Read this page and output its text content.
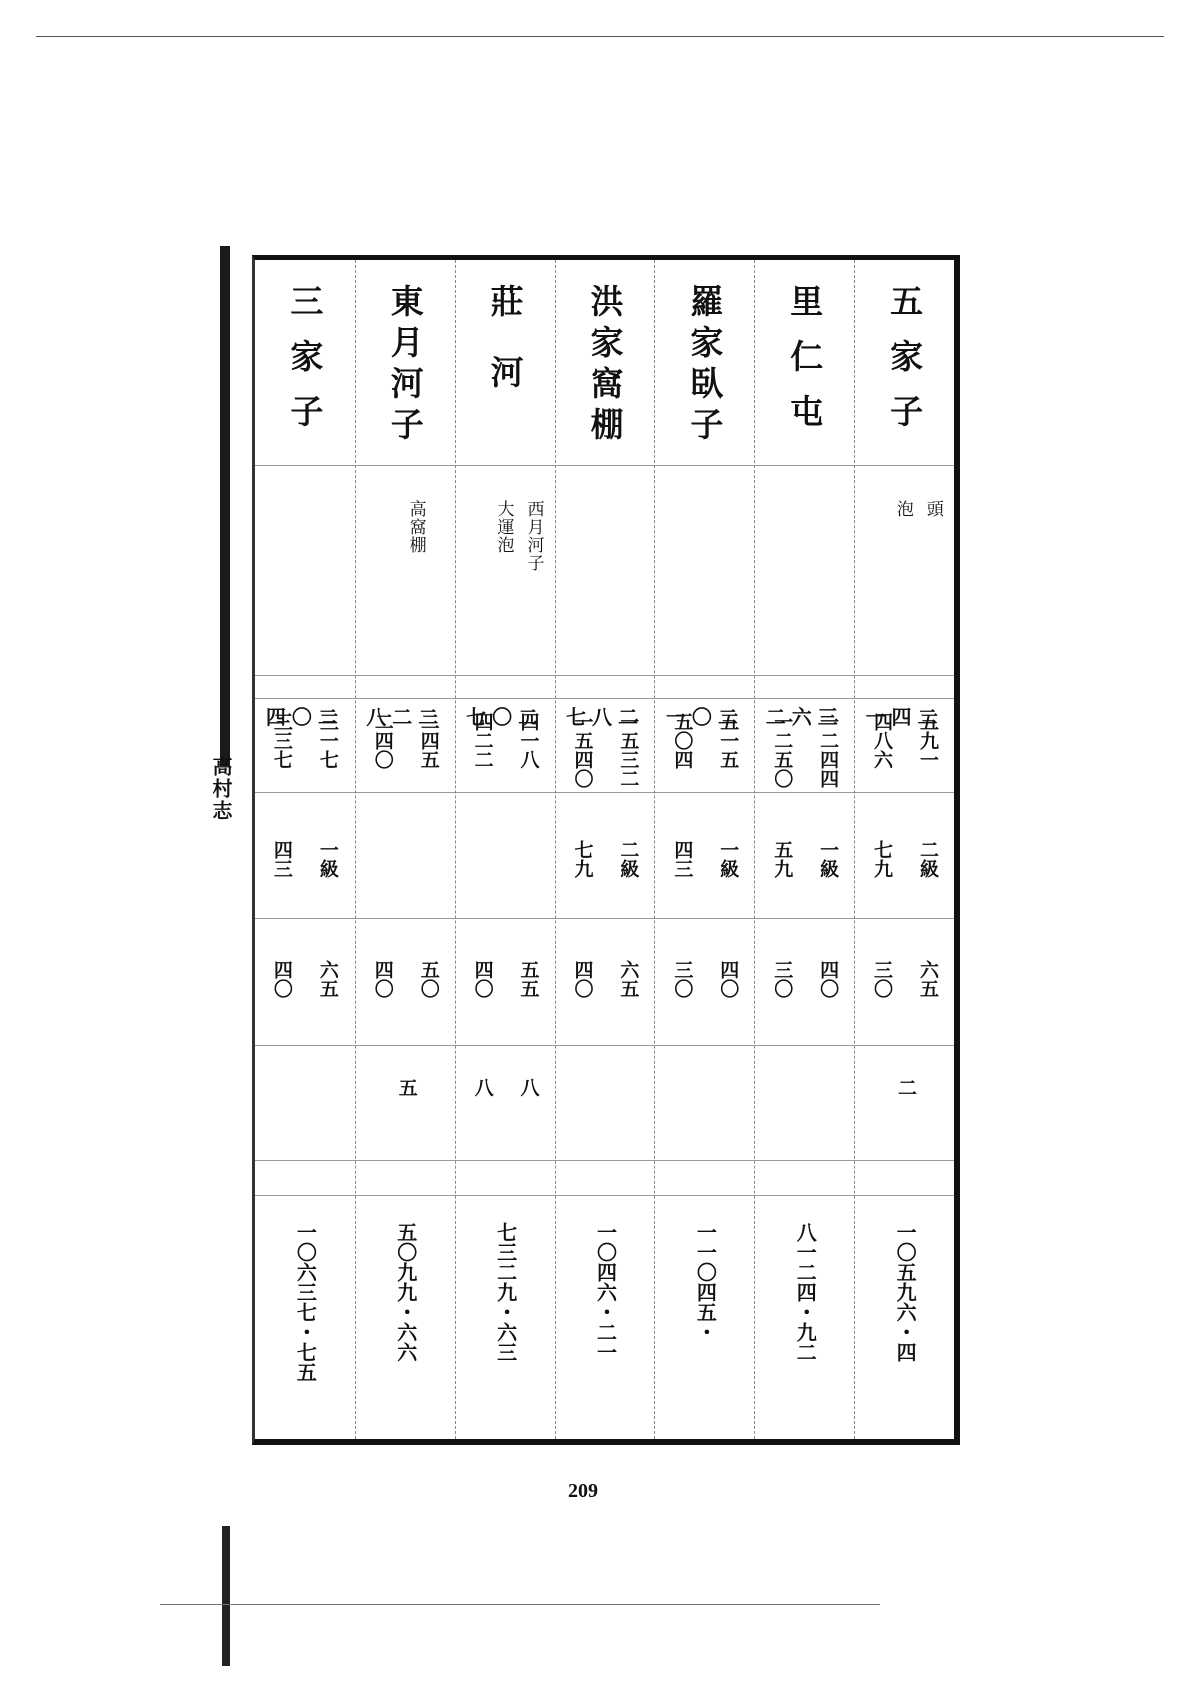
高村志
五家子
頭
泡
一四二
五九一
四八六
二級
七九
六五
三〇
二
一〇五九六・四
里仁屯
二六三
一二四四
一二五〇
一級
五九
四〇
三〇
八一二四・九二
羅家臥子
一〇二
五一五
五〇四
一級
四三
四〇
三〇
一一〇四五・
洪家窩棚
七八二
一五三二
一五四〇
二級
七九
六五
四〇
一〇四六・二一
莊河
西月河子
大運泡
七〇二
四一八
四二二
五五
四〇
八
八
七三二九・六三
東月河子
高窩棚
八二二
二四五
二四〇
五〇
四〇
五
五〇九九・六六
三家子
四〇二
三一七
三三七
一級
四三
六五
四〇
一〇六三七・七五
209
